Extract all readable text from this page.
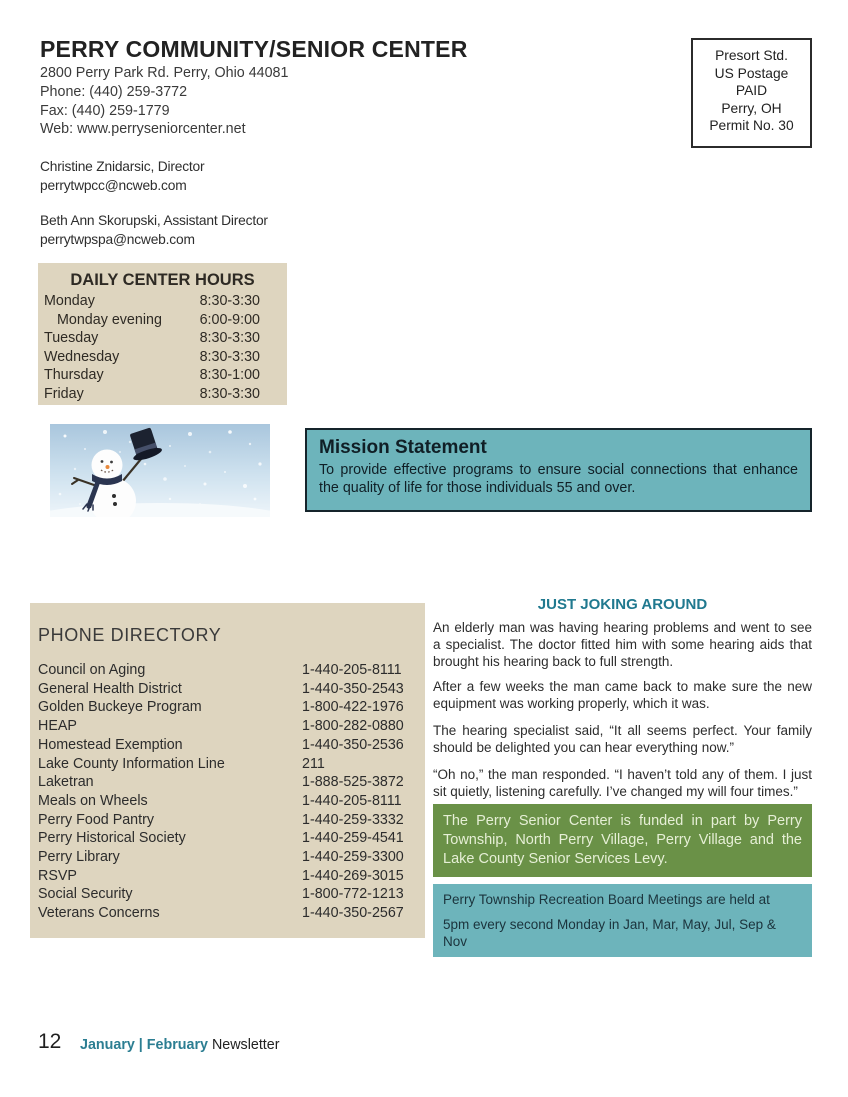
PERRY COMMUNITY/SENIOR CENTER
2800 Perry Park Rd. Perry, Ohio 44081
Phone: (440) 259-3772
Fax: (440) 259-1779
Web: www.perryseniorcenter.net
Presort Std.
US Postage
PAID
Perry, OH
Permit No. 30
Christine Znidarsic, Director
perrytwpcc@ncweb.com
Beth Ann Skorupski, Assistant Director
perrytwpspa@ncweb.com
DAILY CENTER HOURS
Monday	8:30-3:30
Monday evening	6:00-9:00
Tuesday	8:30-3:30
Wednesday	8:30-3:30
Thursday	8:30-1:00
Friday	8:30-3:30

Mission Statement

To provide effective programs to ensure social connections that enhance the quality of life for those individuals 55 and over.

PHONE DIRECTORY
Council on Aging	1-440-205-8111
General Health District	1-440-350-2543
Golden Buckeye Program	1-800-422-1976
HEAP	1-800-282-0880
Homestead Exemption	1-440-350-2536
Lake County Information Line	211
Laketran	1-888-525-3872
Meals on Wheels	1-440-205-8111
Perry Food Pantry	1-440-259-3332
Perry Historical Society	1-440-259-4541
Perry Library	1-440-259-3300
RSVP	1-440-269-3015
Social Security	1-800-772-1213
Veterans Concerns	1-440-350-2567

JUST JOKING AROUND

An elderly man was having hearing problems and went to see a specialist. The doctor fitted him with some hearing aids that brought his hearing back to full strength.

After a few weeks the man came back to make sure the new equipment was working properly, which it was.

The hearing specialist said, “It all seems perfect. Your family should be delighted you can hear everything now.”

“Oh no,” the man responded. “I haven’t told any of them. I just sit quietly, listening carefully. I’ve changed my will four times.”

The Perry Senior Center is funded in part by Perry Township, North Perry Village, Perry Village and the Lake County Senior Services Levy.
Perry Township Recreation Board Meetings are held at
5pm every second Monday in Jan, Mar, May, Jul, Sep & Nov
12 January | February Newsletter
